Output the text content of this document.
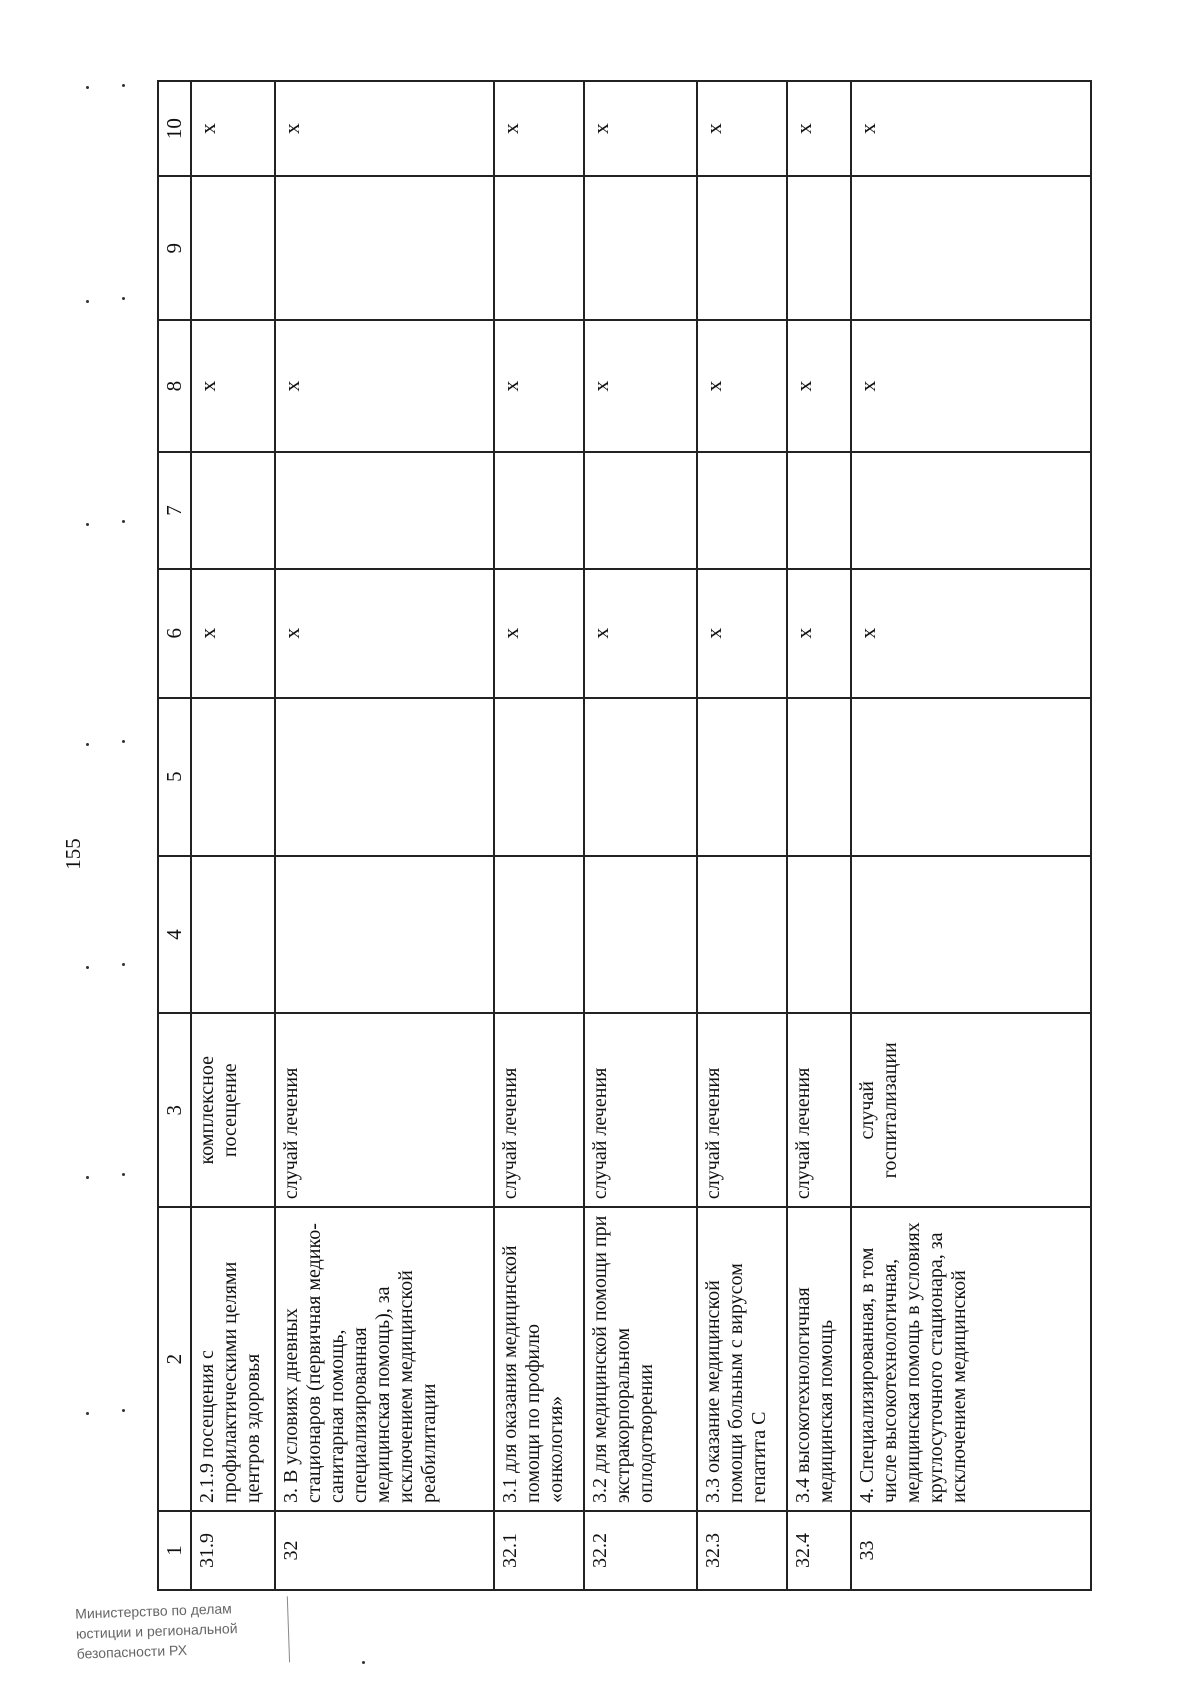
155
1	2	3	4	5	6	7	8	9	10
31.9	2.1.9 посещения с профилактическими целями центров здоровья	комплексное посещение			x		x		x
32	3. В условиях дневных стационаров (первичная медико-санитарная помощь, специализированная медицинская помощь), за исключением медицинской реабилитации	случай лечения			x		x		x
32.1	3.1 для оказания медицинской помощи по профилю «онкология»	случай лечения			x		x		x
32.2	3.2 для медицинской помощи при экстракорпоральном оплодотворении	случай лечения			x		x		x
32.3	3.3 оказание медицинской помощи больным с вирусом гепатита С	случай лечения			x		x		x
32.4	3.4 высокотехнологичная медицинская помощь	случай лечения			x		x		x
33	4. Специализированная, в том числе высокотехнологичная, медицинская помощь в условиях круглосуточного стационара, за исключением медицинской	случай госпитализации			x		x		x
Министерство по делам
юстиции и региональной
безопасности РХ
